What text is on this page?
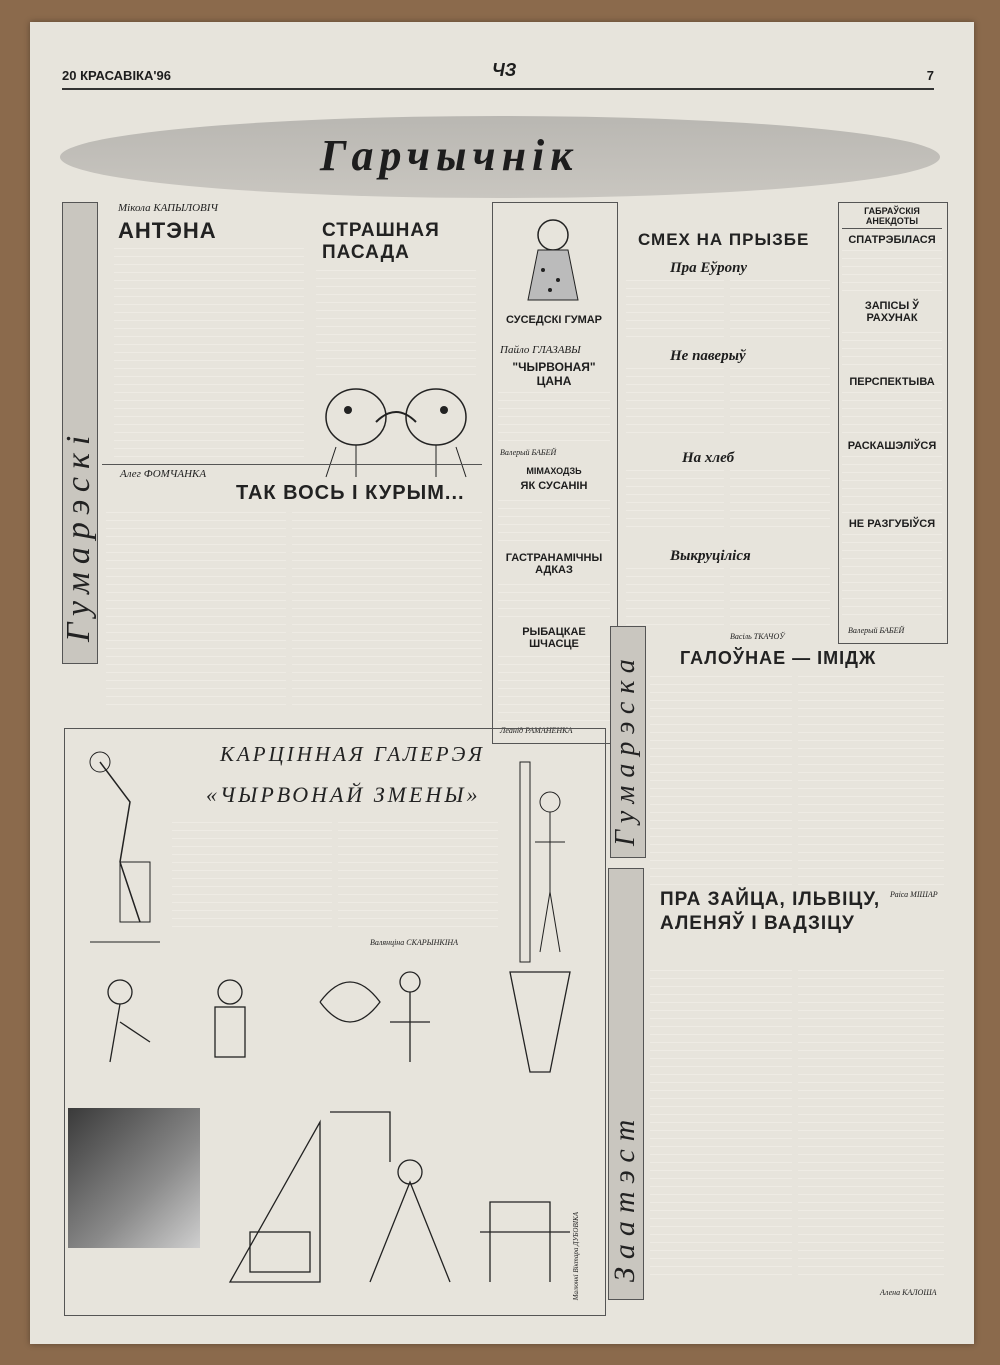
20 КРАСАВІКА'96	ЧЗ	7
Гарчычнік
Гумарэскі
Мікола КАПЫЛОВІЧ
АНТЭНА	СТРАШНАЯ ПАСАДА
Алег ФОМЧАНКА
ТАК ВОСЬ І КУРЫМ...
СУСЕДСКІ ГУМАР
Пайло ГЛАЗАВЫ
"ЧЫРВОНАЯ" ЦАНА
Валерый БАБЕЙ
МІМАХОДЗЬ
ЯК СУСАНІН
ГАСТРАНАМІЧНЫ АДКАЗ
РЫБАЦКАЕ ШЧАСЦЕ
Леанід РАМАНЕНКА
СМЕХ НА ПРЫЗБЕ
Пра Еўропу
Не паверыў
На хлеб
Выкруціліся
Васіль ТКАЧОЎ
ГАБРАЎСКІЯ АНЕКДОТЫ
СПАТРЭБІЛАСЯ
ЗАПІСЫ Ў РАХУНАК
ПЕРСПЕКТЫВА
РАСКАШЭЛІЎСЯ
НЕ РАЗГУБІЎСЯ
Валерый БАБЕЙ
Гумарэска ГАЛОЎНАЕ — ІМІДЖ
Раіса МІШАР
КАРЦІННАЯ ГАЛЕРЭЯ
«ЧЫРВОНАЙ ЗМЕНЫ»
Валянціна СКАРЫНКІНА
Малюнкі Віктара ДУБОВІКА Заатэст
ПРА ЗАЙЦА, ІЛЬВІЦУ, АЛЕНЯЎ І ВАДЗІЦУ
Алена КАЛОША
